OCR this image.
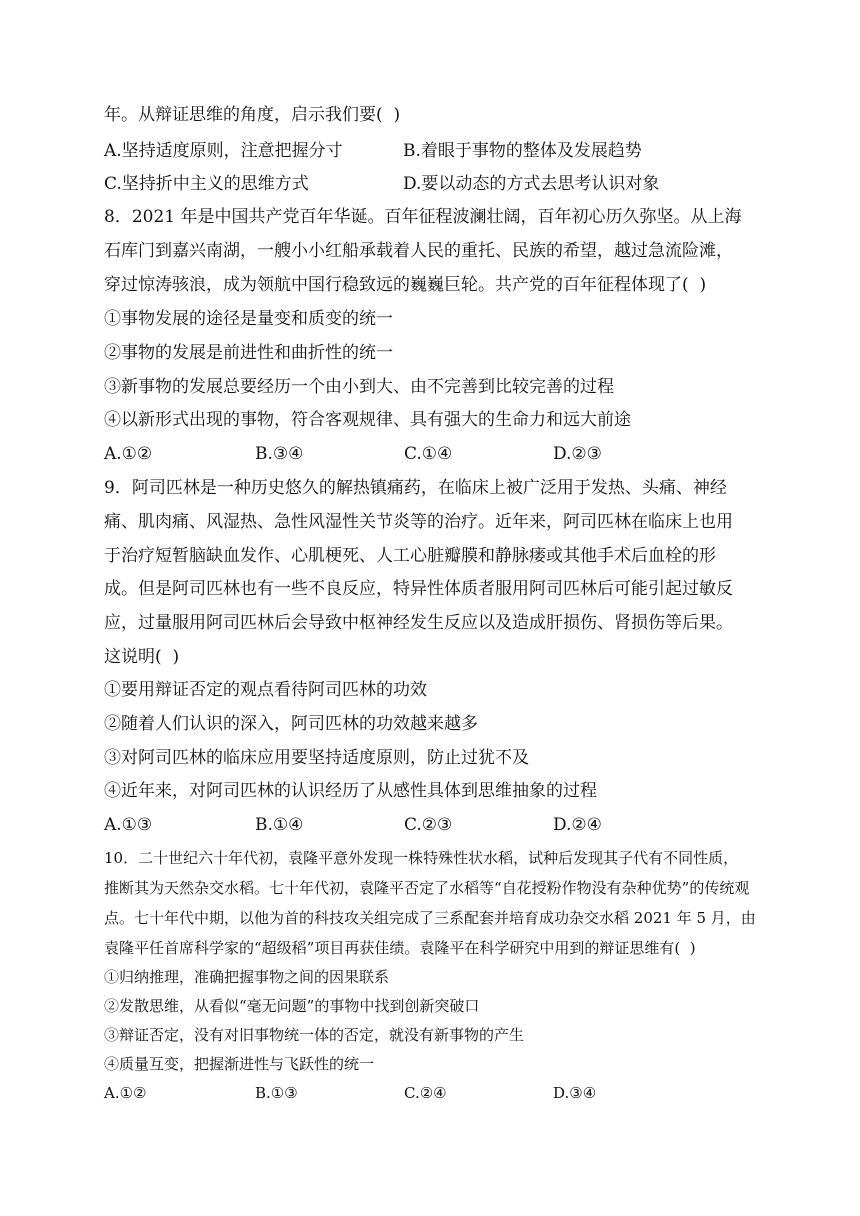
年。从辩证思维的角度，启示我们要(  )
A.坚持适度原则，注意把握分寸	B.着眼于事物的整体及发展趋势
C.坚持折中主义的思维方式	D.要以动态的方式去思考认识对象
8．2021 年是中国共产党百年华诞。百年征程波澜壮阔，百年初心历久弥坚。从上海
石库门到嘉兴南湖，一艘小小红船承载着人民的重托、民族的希望，越过急流险滩，
穿过惊涛骇浪，成为领航中国行稳致远的巍巍巨轮。共产党的百年征程体现了(  )
①事物发展的途径是量变和质变的统一
②事物的发展是前进性和曲折性的统一
③新事物的发展总要经历一个由小到大、由不完善到比较完善的过程
④以新形式出现的事物，符合客观规律、具有强大的生命力和远大前途
A.①②	B.③④	C.①④	D.②③
9．阿司匹林是一种历史悠久的解热镇痛药，在临床上被广泛用于发热、头痛、神经
痛、肌肉痛、风湿热、急性风湿性关节炎等的治疗。近年来，阿司匹林在临床上也用
于治疗短暂脑缺血发作、心肌梗死、人工心脏瓣膜和静脉瘘或其他手术后血栓的形
成。但是阿司匹林也有一些不良反应，特异性体质者服用阿司匹林后可能引起过敏反
应，过量服用阿司匹林后会导致中枢神经发生反应以及造成肝损伤、肾损伤等后果。
这说明(  )
①要用辩证否定的观点看待阿司匹林的功效
②随着人们认识的深入，阿司匹林的功效越来越多
③对阿司匹林的临床应用要坚持适度原则，防止过犹不及
④近年来，对阿司匹林的认识经历了从感性具体到思维抽象的过程
A.①③	B.①④	C.②③	D.②④
10．二十世纪六十年代初，袁隆平意外发现一株特殊性状水稻，试种后发现其子代有不同性质，
推断其为天然杂交水稻。七十年代初，袁隆平否定了水稻等“自花授粉作物没有杂种优势”的传统观
点。七十年代中期，以他为首的科技攻关组完成了三系配套并培育成功杂交水稻 2021 年 5 月，由
袁隆平任首席科学家的“超级稻”项目再获佳绩。袁隆平在科学研究中用到的辩证思维有(  )
①归纳推理，准确把握事物之间的因果联系
②发散思维，从看似“毫无问题”的事物中找到创新突破口
③辩证否定，没有对旧事物统一体的否定，就没有新事物的产生
④质量互变，把握渐进性与飞跃性的统一
A.①②	B.①③	C.②④	D.③④
